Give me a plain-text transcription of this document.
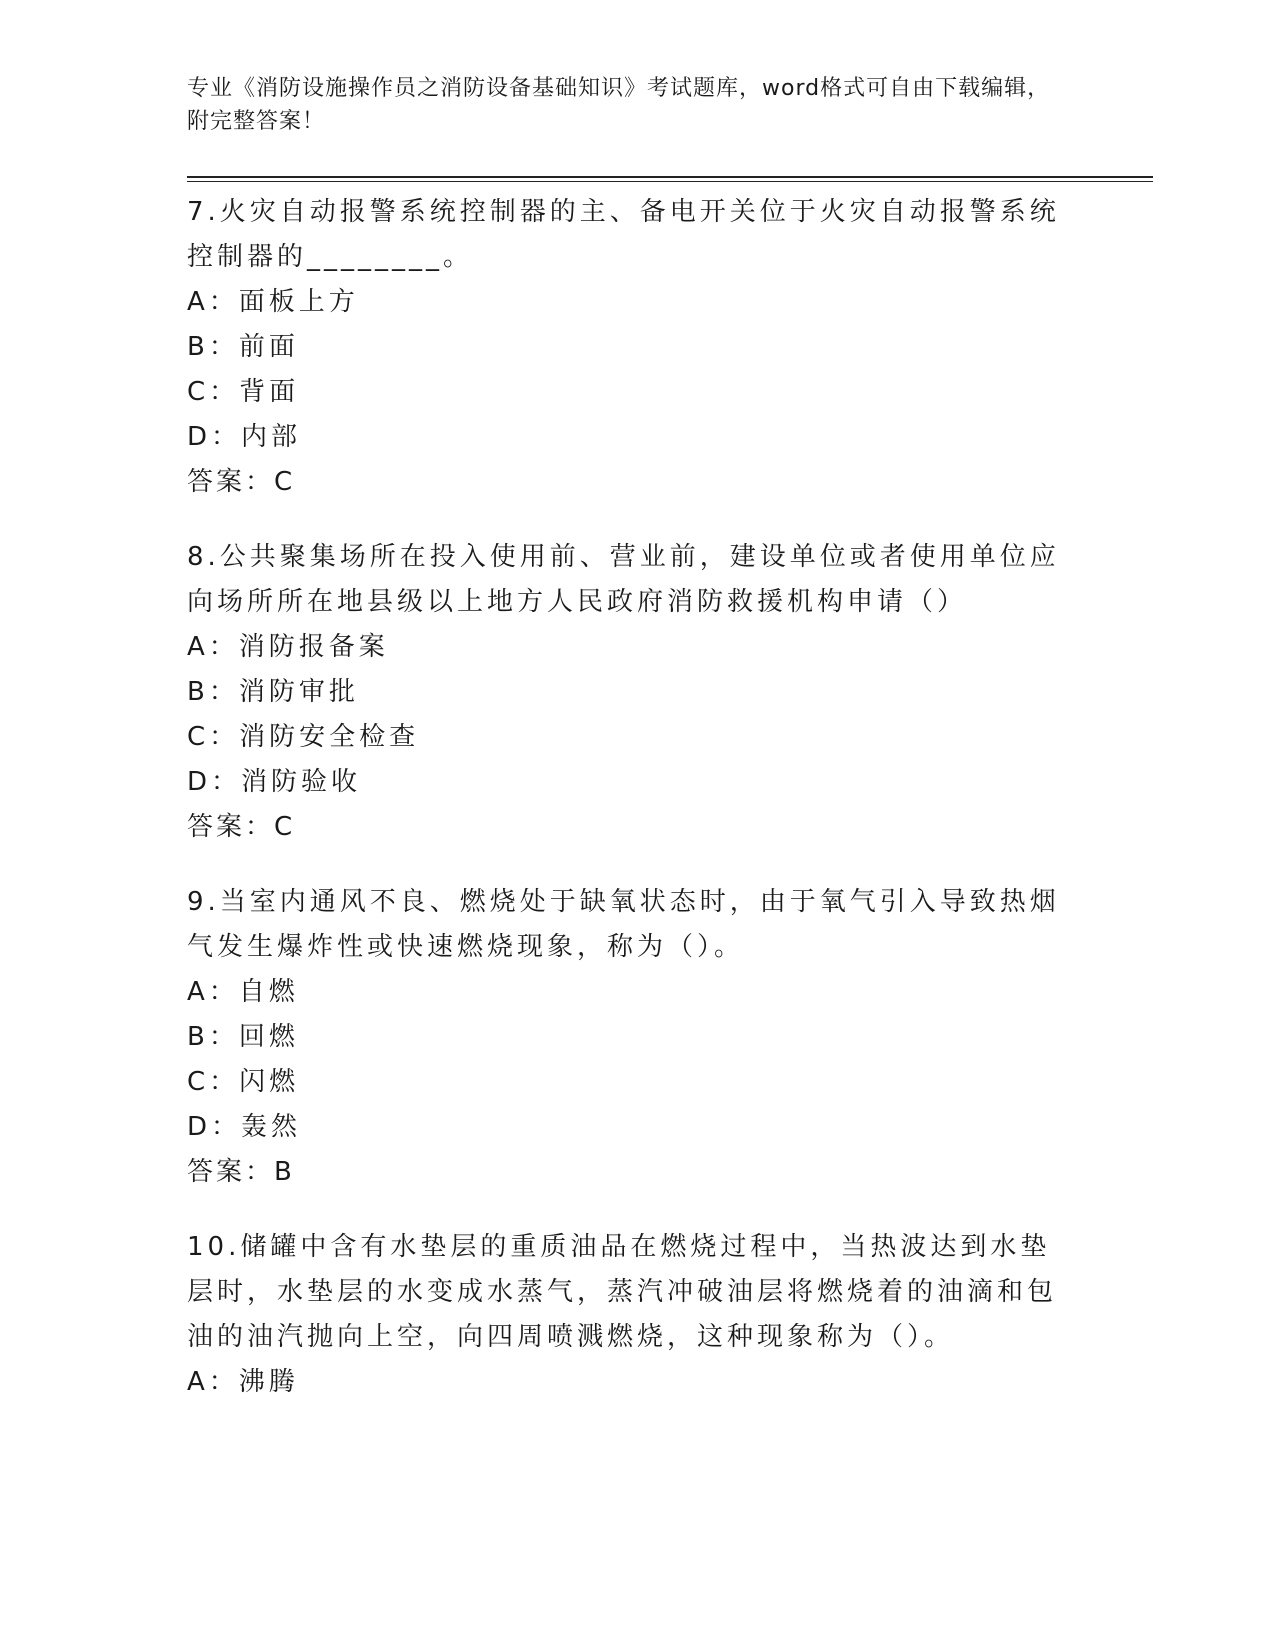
专业《消防设施操作员之消防设备基础知识》考试题库，word格式可自由下载编辑，附完整答案！

7.火灾自动报警系统控制器的主、备电开关位于火灾自动报警系统控制器的________。

A：面板上方

B：前面

C：背面

D：内部

答案：C

8.公共聚集场所在投入使用前、营业前，建设单位或者使用单位应向场所所在地县级以上地方人民政府消防救援机构申请（）

A：消防报备案

B：消防审批

C：消防安全检查

D：消防验收

答案：C

9.当室内通风不良、燃烧处于缺氧状态时，由于氧气引入导致热烟气发生爆炸性或快速燃烧现象，称为（）。

A：自燃

B：回燃

C：闪燃

D：轰然

答案：B

10.储罐中含有水垫层的重质油品在燃烧过程中，当热波达到水垫层时，水垫层的水变成水蒸气，蒸汽冲破油层将燃烧着的油滴和包油的油汽抛向上空，向四周喷溅燃烧，这种现象称为（）。

A：沸腾
